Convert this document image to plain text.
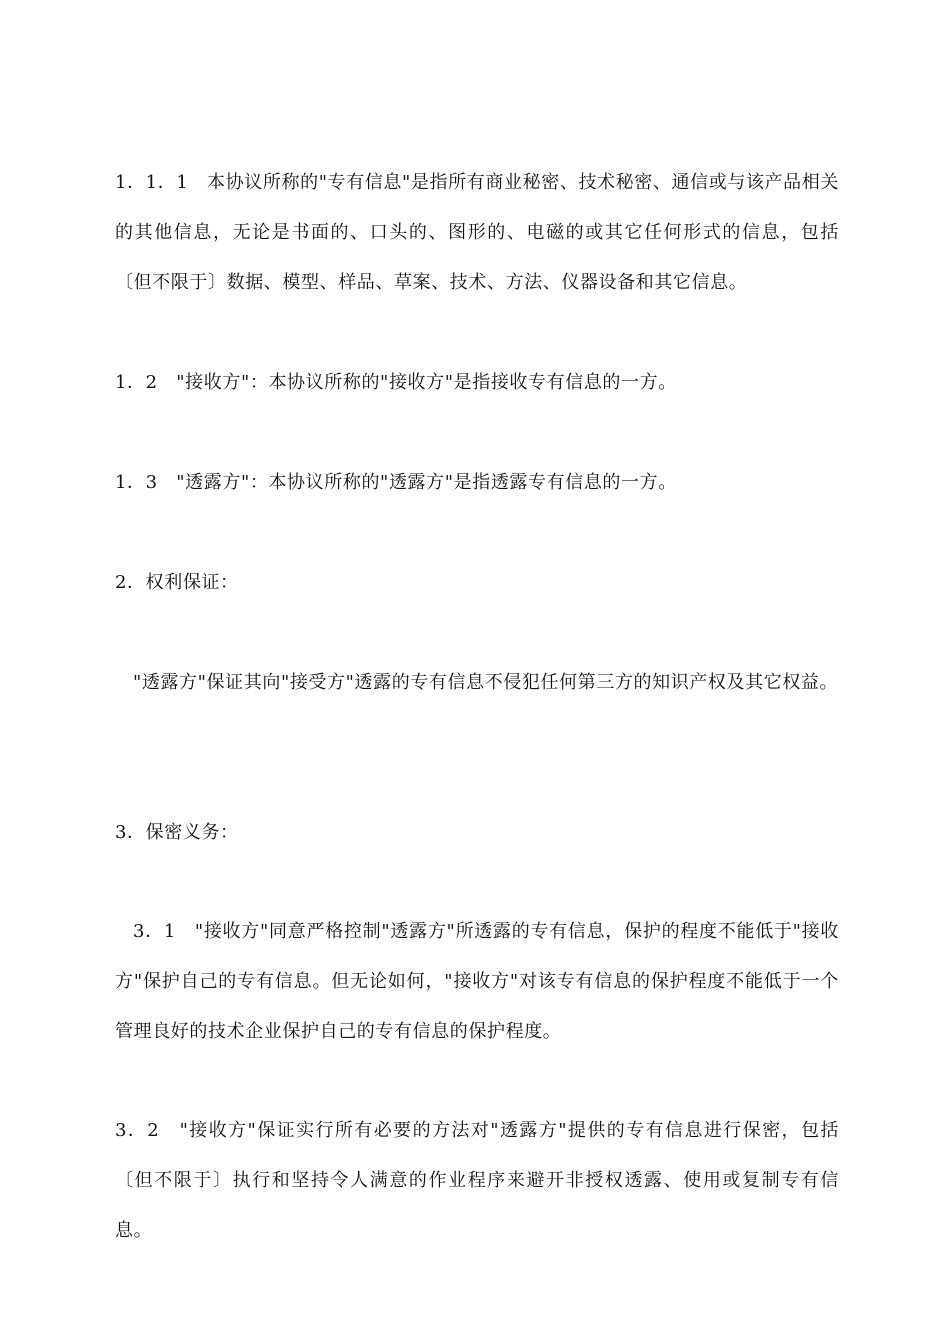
1．1．1　本协议所称的"专有信息"是指所有商业秘密、技术秘密、通信或与该产品相关的其他信息，无论是书面的、口头的、图形的、电磁的或其它任何形式的信息，包括〔但不限于〕数据、模型、样品、草案、技术、方法、仪器设备和其它信息。

1．2　"接收方"：本协议所称的"接收方"是指接收专有信息的一方。

1．3　"透露方"：本协议所称的"透露方"是指透露专有信息的一方。

2．权利保证：

"透露方"保证其向"接受方"透露的专有信息不侵犯任何第三方的知识产权及其它权益。

3．保密义务：

3．1　"接收方"同意严格控制"透露方"所透露的专有信息，保护的程度不能低于"接收方"保护自己的专有信息。但无论如何，"接收方"对该专有信息的保护程度不能低于一个管理良好的技术企业保护自己的专有信息的保护程度。

3．2　"接收方"保证实行所有必要的方法对"透露方"提供的专有信息进行保密，包括〔但不限于〕执行和坚持令人满意的作业程序来避开非授权透露、使用或复制专有信息。
